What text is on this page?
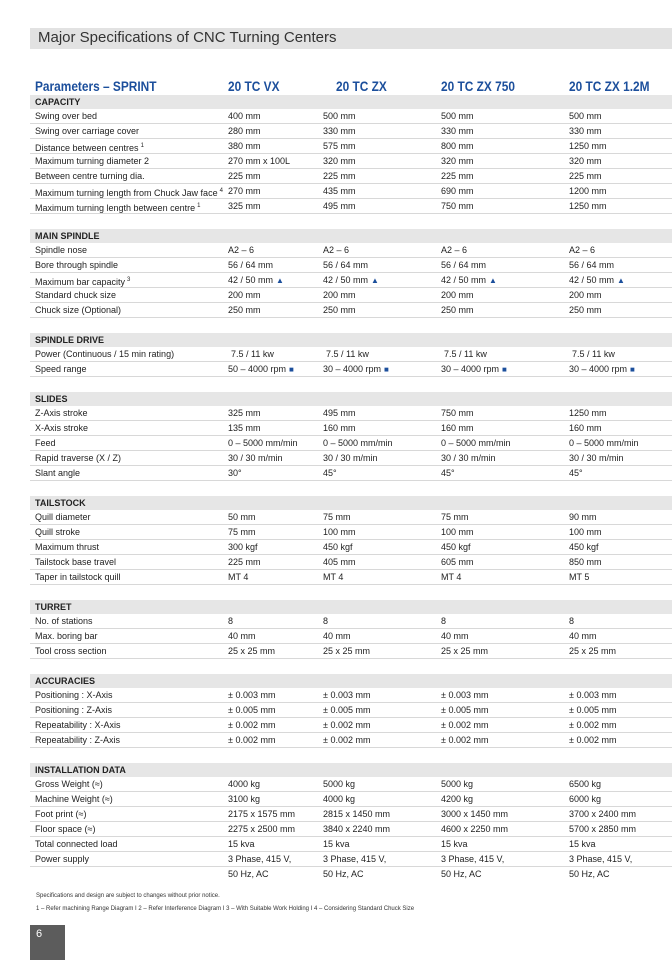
Major Specifications of CNC Turning Centers
Parameters – SPRINT	20 TC VX	20 TC ZX	20 TC ZX 750	20 TC ZX 1.2M
CAPACITY
Swing over bed	400 mm	500 mm	500 mm	500 mm
Swing over carriage cover	280 mm	330 mm	330 mm	330 mm
Distance between centres $^1$	380 mm	575 mm	800 mm	1250 mm
Maximum turning diameter 2	270 mm x 100L	320 mm	320 mm	320 mm
Between centre turning dia.	225 mm	225 mm	225 mm	225 mm
Maximum turning length from Chuck Jaw face $^4$ 270 mm	435 mm	690 mm	1200 mm
Maximum turning length between centre $^1$	325 mm	495 mm	750 mm	1250 mm
MAIN SPINDLE
Spindle nose	A2 – 6	A2 – 6	A2 – 6	A2 – 6
Bore through spindle	56 / 64 mm	56 / 64 mm	56 / 64 mm	56 / 64 mm
Maximum bar capacity $^3$	42 / 50 mm ▲	42 / 50 mm ▲	42 / 50 mm ▲	42 / 50 mm ▲
Standard chuck size	200 mm	200 mm	200 mm	200 mm
Chuck size (Optional)	250 mm	250 mm	250 mm	250 mm
SPINDLE DRIVE
Power (Continuous / 15 min rating)	7.5 / 11 kw	7.5 / 11 kw	7.5 / 11 kw	7.5 / 11 kw
Speed range	50 – 4000 rpm ■	30 – 4000 rpm ■	30 – 4000 rpm ■	30 – 4000 rpm ■
SLIDES
Z-Axis stroke	325 mm	495 mm	750 mm	1250 mm
X-Axis stroke	135 mm	160 mm	160 mm	160 mm
Feed	0 – 5000 mm/min	0 – 5000 mm/min	0 – 5000 mm/min	0 – 5000 mm/min
Rapid traverse (X / Z)	30 / 30 m/min	30 / 30 m/min	30 / 30 m/min	30 / 30 m/min
Slant angle	30°	45°	45°	45°
TAILSTOCK
Quill diameter	50 mm	75 mm	75 mm	90 mm
Quill stroke	75 mm	100 mm	100 mm	100 mm
Maximum thrust	300 kgf	450 kgf	450 kgf	450 kgf
Tailstock base travel	225 mm	405 mm	605 mm	850 mm
Taper in tailstock quill	MT 4	MT 4	MT 4	MT 5
TURRET
No. of stations	8	8	8	8
Max. boring bar	40 mm	40 mm	40 mm	40 mm
Tool cross section	25 x 25 mm	25 x 25 mm	25 x 25 mm	25 x 25 mm
ACCURACIES
Positioning : X-Axis	± 0.003 mm	± 0.003 mm	± 0.003 mm	± 0.003 mm
Positioning : Z-Axis	± 0.005 mm	± 0.005 mm	± 0.005 mm	± 0.005 mm
Repeatability : X-Axis	± 0.002 mm	± 0.002 mm	± 0.002 mm	± 0.002 mm
Repeatability : Z-Axis	± 0.002 mm	± 0.002 mm	± 0.002 mm	± 0.002 mm
INSTALLATION DATA
Gross Weight (≈)	4000 kg	5000 kg	5000 kg	6500 kg
Machine Weight (≈)	3100 kg	4000 kg	4200 kg	6000 kg
Foot print (≈)	2175 x 1575 mm	2815 x 1450 mm	3000 x 1450 mm	3700 x 2400 mm
Floor space (≈)	2275 x 2500 mm	3840 x 2240 mm	4600 x 2250 mm	5700 x 2850 mm
Total connected load	15 kva	15 kva	15 kva	15 kva
Power supply	3 Phase, 415 V,	3 Phase, 415 V,	3 Phase, 415 V,	3 Phase, 415 V,
50 Hz, AC	50 Hz, AC	50 Hz, AC	50 Hz, AC
Specifications and design are subject to changes without prior notice.
1 – Refer machining Range Diagram I 2 – Refer Interference Diagram I 3 – With Suitable Work Holding I 4 – Considering Standard Chuck Size
6
